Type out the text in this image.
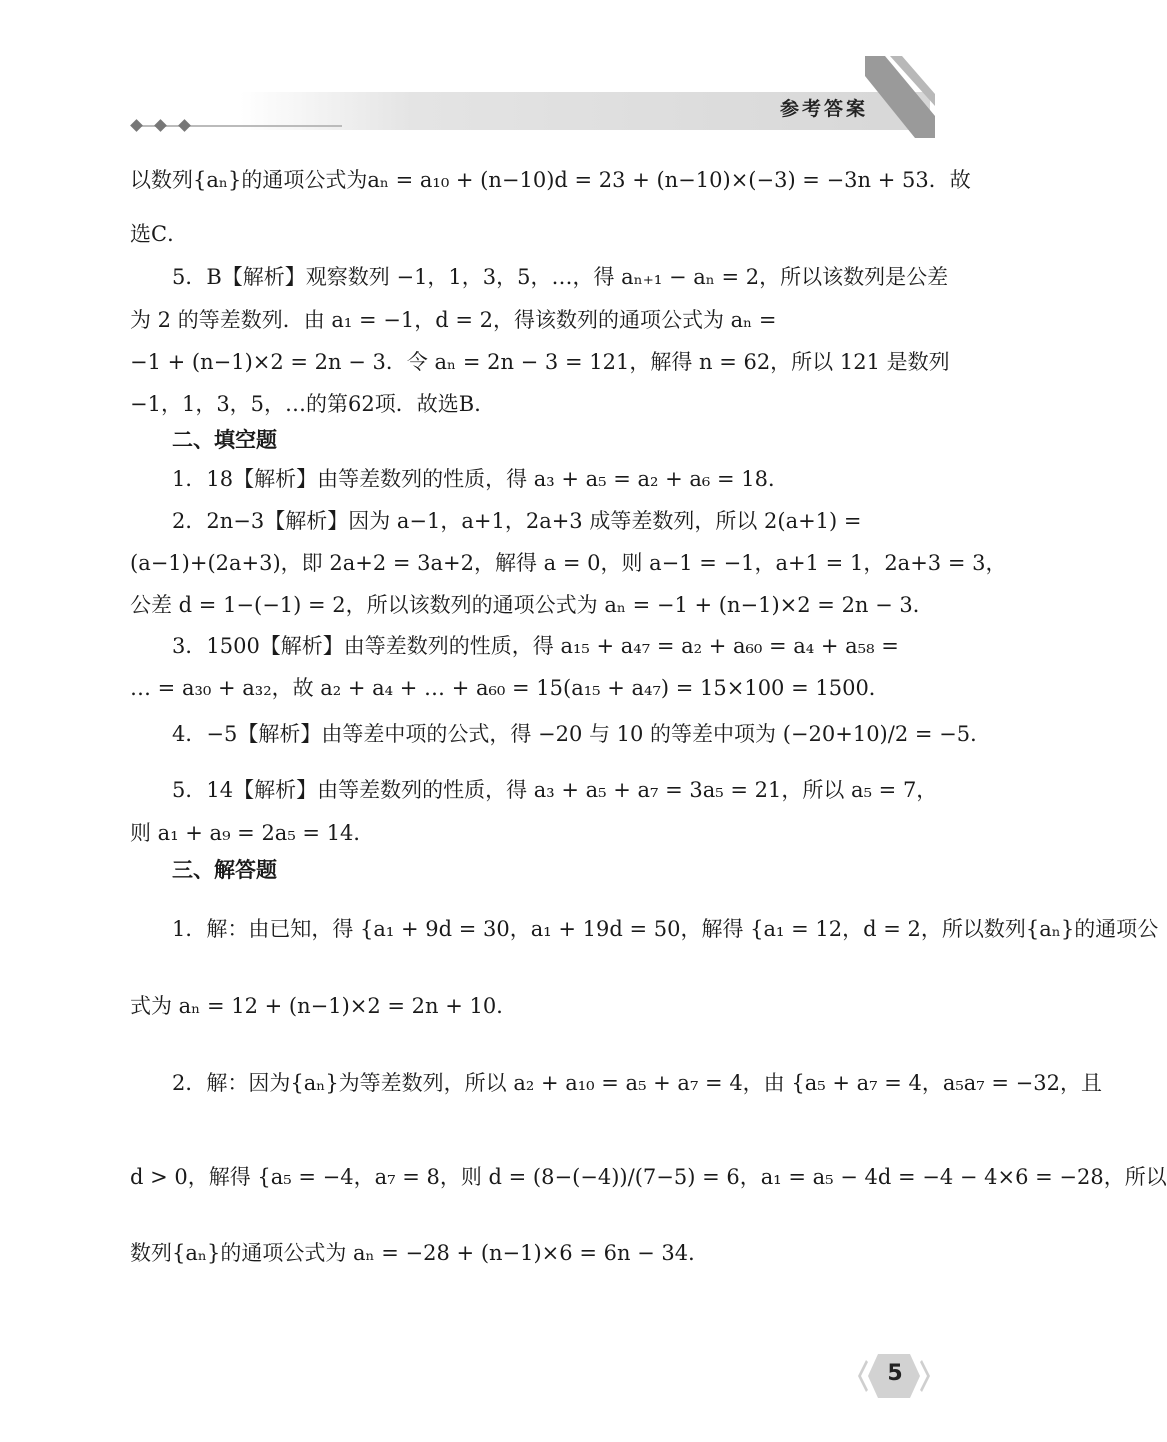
参考答案
以数列{aₙ}的通项公式为aₙ = a₁₀ + (n−10)d = 23 + (n−10)×(−3) = −3n + 53．故
选C．
5．B【解析】观察数列 −1，1，3，5，…，得 aₙ₊₁ − aₙ = 2，所以该数列是公差
为 2 的等差数列．由 a₁ = −1，d = 2，得该数列的通项公式为 aₙ =
−1 + (n−1)×2 = 2n − 3．令 aₙ = 2n − 3 = 121，解得 n = 62，所以 121 是数列
−1，1，3，5，…的第62项．故选B．
二、填空题
1．18【解析】由等差数列的性质，得 a₃ + a₅ = a₂ + a₆ = 18．
2．2n−3【解析】因为 a−1，a+1，2a+3 成等差数列，所以 2(a+1) =
(a−1)+(2a+3)，即 2a+2 = 3a+2，解得 a = 0，则 a−1 = −1，a+1 = 1，2a+3 = 3，
公差 d = 1−(−1) = 2，所以该数列的通项公式为 aₙ = −1 + (n−1)×2 = 2n − 3．
3．1500【解析】由等差数列的性质，得 a₁₅ + a₄₇ = a₂ + a₆₀ = a₄ + a₅₈ =
… = a₃₀ + a₃₂，故 a₂ + a₄ + … + a₆₀ = 15(a₁₅ + a₄₇) = 15×100 = 1500．
4．−5【解析】由等差中项的公式，得 −20 与 10 的等差中项为 (−20+10)/2 = −5．
5．14【解析】由等差数列的性质，得 a₃ + a₅ + a₇ = 3a₅ = 21，所以 a₅ = 7，
则 a₁ + a₉ = 2a₅ = 14．
三、解答题
1．解：由已知，得 {a₁ + 9d = 30，a₁ + 19d = 50，解得 {a₁ = 12，d = 2，所以数列{aₙ}的通项公
式为 aₙ = 12 + (n−1)×2 = 2n + 10．
2．解：因为{aₙ}为等差数列，所以 a₂ + a₁₀ = a₅ + a₇ = 4，由 {a₅ + a₇ = 4，a₅a₇ = −32，且
d > 0，解得 {a₅ = −4，a₇ = 8，则 d = (8−(−4))/(7−5) = 6，a₁ = a₅ − 4d = −4 − 4×6 = −28，所以
数列{aₙ}的通项公式为 aₙ = −28 + (n−1)×6 = 6n − 34．
5
